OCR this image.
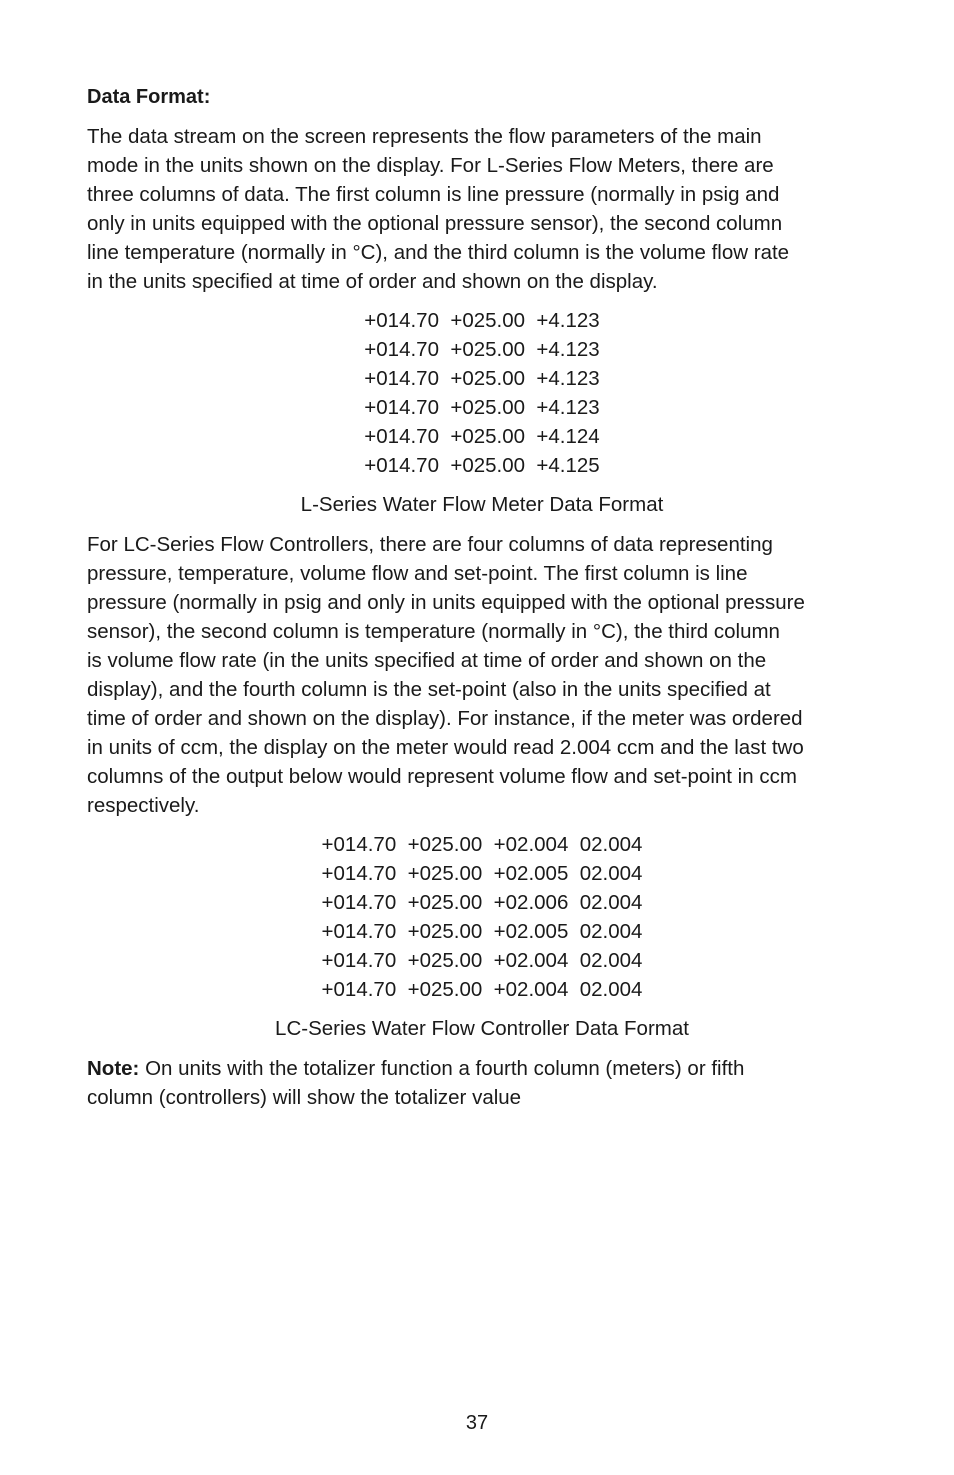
Data Format:

The data stream on the screen represents the flow parameters of the main
mode in the units shown on the display. For L-Series Flow Meters, there are
three columns of data. The first column is line pressure (normally in psig and
only in units equipped with the optional pressure sensor), the second column
line temperature (normally in °C), and the third column is the volume flow rate
in the units specified at time of order and shown on the display.

+014.70  +025.00  +4.123
+014.70  +025.00  +4.123
+014.70  +025.00  +4.123
+014.70  +025.00  +4.123
+014.70  +025.00  +4.124
+014.70  +025.00  +4.125
L-Series Water Flow Meter Data Format

For LC-Series Flow Controllers, there are four columns of data representing
pressure, temperature, volume flow and set-point. The first column is line
pressure (normally in psig and only in units equipped with the optional pressure
sensor), the second column is temperature (normally in °C), the third column
is volume flow rate (in the units specified at time of order and shown on the
display), and the fourth column is the set-point (also in the units specified at
time of order and shown on the display). For instance, if the meter was ordered
in units of ccm, the display on the meter would read 2.004 ccm and the last two
columns of the output below would represent volume flow and set-point in ccm
respectively.

+014.70  +025.00  +02.004  02.004
+014.70  +025.00  +02.005  02.004
+014.70  +025.00  +02.006  02.004
+014.70  +025.00  +02.005  02.004
+014.70  +025.00  +02.004  02.004
+014.70  +025.00  +02.004  02.004
LC-Series Water Flow Controller Data Format

Note: On units with the totalizer function a fourth column (meters) or fifth
column (controllers) will show the totalizer value

37
